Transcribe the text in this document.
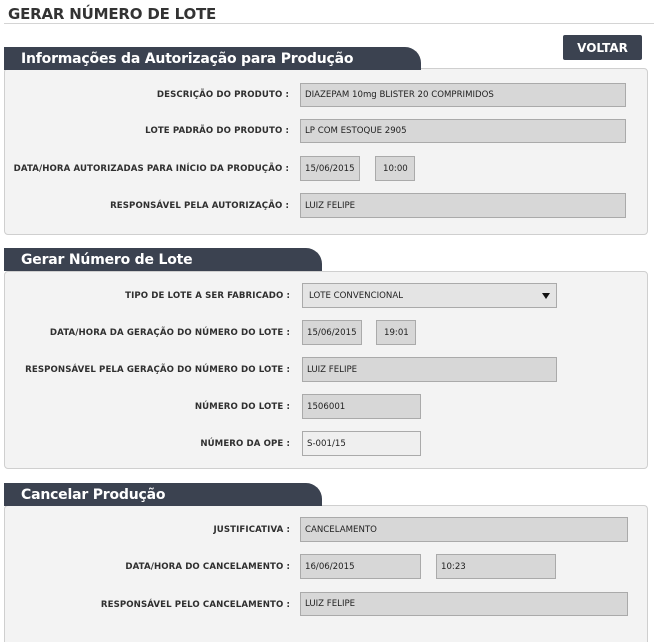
GERAR NÚMERO DE LOTE
VOLTAR
Informações da Autorização para Produção
DESCRIÇÃO DO PRODUTO :	DIAZEPAM 10mg BLISTER 20 COMPRIMIDOS
LOTE PADRÃO DO PRODUTO :	LP COM ESTOQUE 2905
DATA/HORA AUTORIZADAS PARA INÍCIO DA PRODUÇÃO :	15/06/2015	10:00
RESPONSÁVEL PELA AUTORIZAÇÃO :	LUIZ FELIPE
Gerar Número de Lote
TIPO DE LOTE A SER FABRICADO : LOTE CONVENCIONAL
DATA/HORA DA GERAÇÃO DO NÚMERO DO LOTE :	15/06/2015	19:01
RESPONSÁVEL PELA GERAÇÃO DO NÚMERO DO LOTE :	LUIZ FELIPE
NÚMERO DO LOTE :	1506001
NÚMERO DA OPE :	S-001/15
Cancelar Produção
JUSTIFICATIVA :	CANCELAMENTO
DATA/HORA DO CANCELAMENTO :	16/06/2015	10:23
RESPONSÁVEL PELO CANCELAMENTO :	LUIZ FELIPE
